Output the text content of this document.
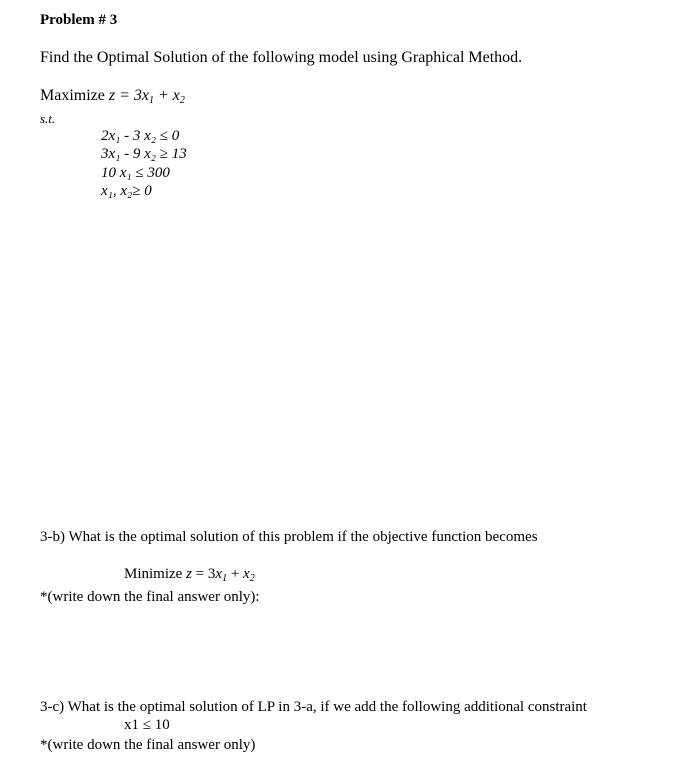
Problem # 3
Find the Optimal Solution of the following model using Graphical Method.
Maximize $z = 3x_1 + x_2$
s.t.
2x₁ - 3 x₂ ≤ 0
3x₁ - 9 x₂ ≥ 13
10 x₁ ≤ 300
x₁, x₂≥ 0
3-b) What is the optimal solution of this problem if the objective function becomes
Minimize $z = 3x_1 + x_2$
*(write down the final answer only):
3-c) What is the optimal solution of LP in 3-a, if we add the following additional constraint
x1 ≤ 10
*(write down the final answer only)
